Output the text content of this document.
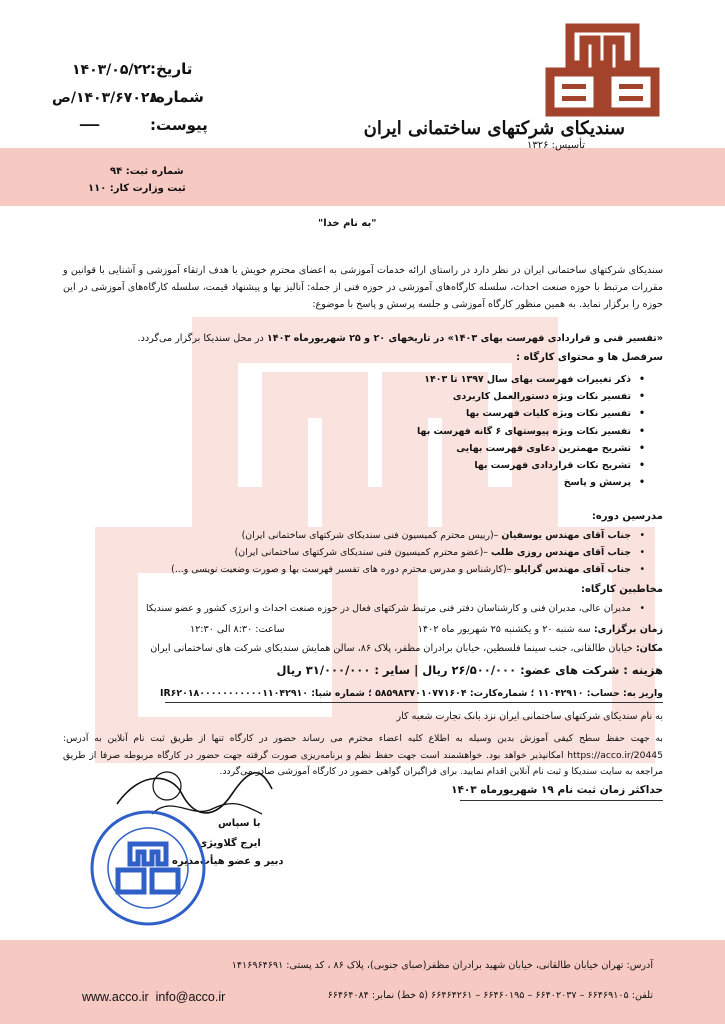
تاریخ:
۱۴۰۳/۰۵/۲۲
شماره:
۱۴۰۳/۶۷۰۲۸/ص
پیوست:
ــــ	سندیکای شرکتهای ساختمانی ایران
تأسیس: ۱۳۲۶
شماره ثبت: ۹۴
ثبت وزارت کار: ۱۱۰
"به نام خدا"
سندیکای شرکتهای ساختمانی ایران در نظر دارد در راستای ارائه خدمات آموزشی به اعضای محترم خویش با هدف ارتقاء آموزشی و آشنایی با قوانین و مقررات مرتبط با حوزه صنعت احداث، سلسله کارگاه‌های آموزشی در حوزه فنی از جمله: آنالیز بها و پیشنهاد قیمت، سلسله کارگاه‌های آموزشی در این حوزه را برگزار نماید. به همین منظور کارگاه آموزشی و جلسه پرسش و پاسخ با موضوع:
«تفسیر فنی و قراردادی فهرست بهای ۱۴۰۳» در تاریخهای ۲۰ و ۲۵ شهریورماه ۱۴۰۳ در محل سندیکا برگزار می‌گردد.
سرفصل ها و محتوای کارگاه :
• ذکر تغییرات فهرست بهای سال ۱۳۹۷ تا ۱۴۰۳
• تفسیر نکات ویژه دستورالعمل کاربردی
• تفسیر نکات ویژه کلیات فهرست بها
• تفسیر نکات ویژه پیوستهای ۶ گانه فهرست بها
• تشریح مهمترین دعاوی فهرست بهایی
• تشریح نکات قراردادی فهرست بها
• پرسش و پاسخ
مدرسین دوره:
• جناب آقای مهندس یوسفیان –(رییس محترم کمیسیون فنی سندیکای شرکتهای ساختمانی ایران)
• جناب آقای مهندس روزی طلب –(عضو محترم کمیسیون فنی سندیکای شرکتهای ساختمانی ایران)
• جناب آقای مهندس گرایلو –(کارشناس و مدرس محترم دوره های تفسیر فهرست بها و صورت وضعیت نویسی و...)
مخاطبین کارگاه:
• مدیران عالی، مدیران فنی و کارشناسان دفتر فنی مرتبط شرکتهای فعال در حوزه صنعت احداث و انرژی کشور و عضو سندیکا
زمان برگزاری: سه شنبه ۲۰ و یکشنبه ۲۵ شهریور ماه ۱۴۰۲
ساعت: ۸:۳۰ الی ۱۲:۳۰
مکان: خیابان طالقانی، جنب سینما فلسطین، خیابان برادران مظفر، پلاک ۸۶، سالن همایش سندیکای شرکت های ساختمانی ایران
هزینه : شرکت های عضو: ۲۶/۵۰۰/۰۰۰ ریال | سایر : ۳۱/۰۰۰/۰۰۰ ریال
واریز به: حساب: ۱۱۰۴۲۹۱۰ ؛ شماره‌کارت: ۵۸۵۹۸۳۷۰۱۰۷۷۱۶۰۴ ؛ شماره شبا: IR۶۲۰۱۸۰۰۰۰۰۰۰۰۰۰۰۱۱۰۴۲۹۱۰
به نام سندیکای شرکتهای ساختمانی ایران نزد بانک تجارت شعبه کار
به جهت حفظ سطح کیفی آموزش بدین وسیله به اطلاع کلیه اعضاء محترم می رساند حضور در کارگاه تنها از طریق ثبت نام آنلاین به آدرس: https://acco.ir/20445 امکانپذیر خواهد بود. خواهشمند است جهت حفظ نظم و برنامه‌ریزی صورت گرفته جهت حضور در کارگاه مربوطه صرفا از طریق مراجعه به سایت سندیکا و ثبت نام آنلاین اقدام نمایید. برای فراگیران گواهی حضور در کارگاه آموزشی صادر می‌گردد.
حداکثر زمان ثبت نام ۱۹ شهریورماه ۱۴۰۳
با سپاس
ایرج گلاویژی
دبیر و عضو هیأت‌مدیره
آدرس: تهران خیابان طالقانی، خیابان شهید برادران مظفر(صبای جنوبی)، پلاک ۸۶ ، کد پستی: ۱۴۱۶۹۶۴۶۹۱
تلفن: ۶۶۴۶۹۱۰۵ – ۶۶۴۰۲۰۳۷ – ۶۶۴۶۰۱۹۵ – ۶۶۴۶۴۲۶۱ (۵ خط) نمابر: ۶۶۴۶۴۰۸۴
www.acco.ir info@acco.ir
